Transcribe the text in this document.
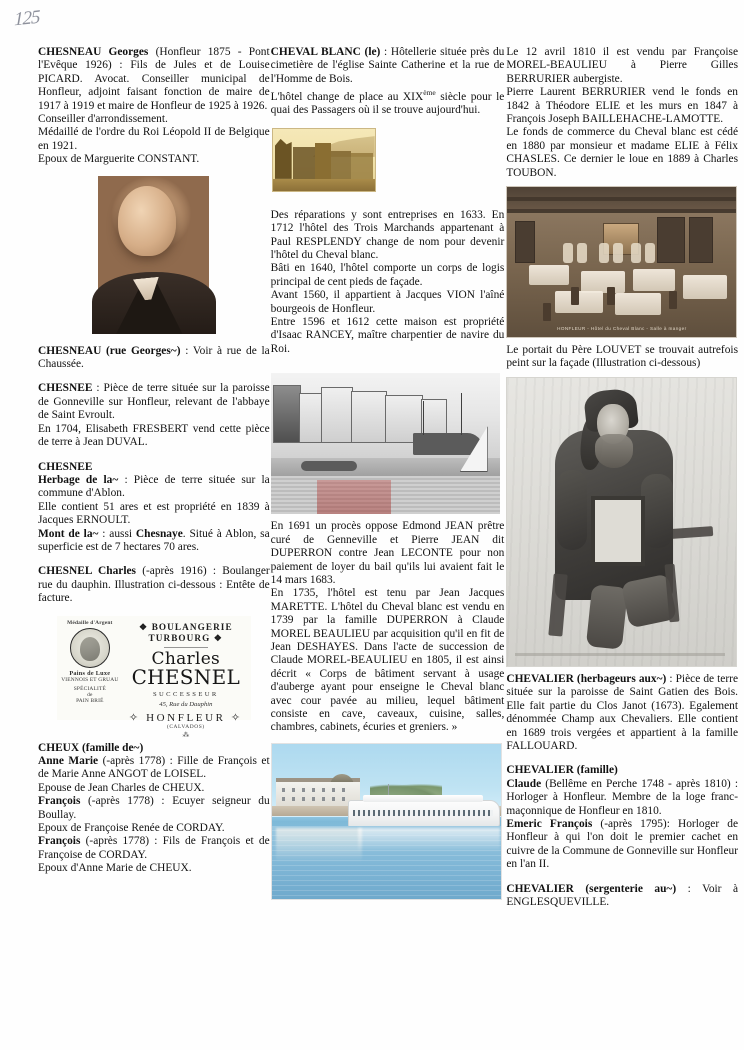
125

CHESNEAU Georges (Honfleur 1875 - Pont l'Evêque 1926) : Fils de Jules et de Louise PICARD. Avocat. Conseiller municipal de Honfleur, adjoint faisant fonction de maire de 1917 à 1919 et maire de Honfleur de 1925 à 1926.

Conseiller d'arrondissement.

Médaillé de l'ordre du Roi Léopold II de Belgique en 1921.

Epoux de Marguerite CONSTANT.

CHESNEAU (rue Georges~) : Voir à rue de la Chaussée.

CHESNEE : Pièce de terre située sur la paroisse de Gonneville sur Honfleur, relevant de l'abbaye de Saint Evroult.

En 1704, Elisabeth FRESBERT vend cette pièce de terre à Jean DUVAL.

CHESNEE

Herbage de la~ : Pièce de terre située sur la commune d'Ablon.

Elle contient 51 ares et est propriété en 1839 à Jacques ERNOULT.

Mont de la~ : aussi Chesnaye. Situé à Ablon, sa superficie est de 7 hectares 70 ares.

CHESNEL Charles (-après 1916) : Boulanger rue du dauphin. Illustration ci-dessous : Entête de facture.

Médaille d'Argent
Pains de Luxe
VIENNOIS ET GRUAU
SPÉCIALITÉ
de
PAIN BRIÉ
❖ BOULANGERIE TURBOURG ❖
Charles CHESNEL
SUCCESSEUR
45, Rue du Dauphin
✧ HONFLEUR ✧
(CALVADOS)
⁂

CHEUX (famille de~)

Anne Marie (-après 1778) : Fille de François et de Marie Anne ANGOT de LOISEL.

Epouse de Jean Charles de CHEUX.

François (-après 1778) : Ecuyer seigneur du Boullay.

Epoux de Françoise Renée de CORDAY.

François (-après 1778) : Fils de François et de Françoise de CORDAY.

Epoux d'Anne Marie de CHEUX.

CHEVAL BLANC (le) : Hôtellerie située près du cimetière de l'église Sainte Catherine et la rue de l'Homme de Bois.

L'hôtel change de place au XIXème siècle pour le quai des Passagers où il se trouve aujourd'hui.

Des réparations y sont entreprises en 1633. En 1712 l'hôtel des Trois Marchands appartenant à Paul RESPLENDY change de nom pour devenir l'hôtel du Cheval blanc.

Bâti en 1640, l'hôtel comporte un corps de logis principal de cent pieds de façade.

Avant 1560, il appartient à Jacques VION l'aîné bourgeois de Honfleur.

Entre 1596 et 1612 cette maison est propriété d'Isaac RANCEY, maître charpentier de navire du Roi.

En 1691 un procès oppose Edmond JEAN prêtre curé de Genneville et Pierre JEAN dit DUPERRON contre Jean LECONTE pour non paiement de loyer du bail qu'ils lui avaient fait le 14 mars 1683.

En 1735, l'hôtel est tenu par Jean Jacques MARETTE. L'hôtel du Cheval blanc est vendu en 1739 par la famille DUPERRON à Claude MOREL BEAULIEU par acquisition qu'il en fit de Jean DESHAYES. Dans l'acte de succession de Claude MOREL-BEAULIEU en 1805, il est ainsi décrit « Corps de bâtiment servant à usage d'auberge ayant pour enseigne le Cheval blanc avec cour pavée au milieu, lequel bâtiment consiste en cave, caveaux, cuisine, salles, chambres, cabinets, écuries et greniers. »

Le 12 avril 1810 il est vendu par Françoise MOREL-BEAULIEU à Pierre Gilles BERRURIER aubergiste.

Pierre Laurent BERRURIER vend le fonds en 1842 à Théodore ELIE et les murs en 1847 à François Joseph BAILLEHACHE-LAMOTTE.

Le fonds de commerce du Cheval blanc est cédé en 1880 par monsieur et madame ELIE à Félix CHASLES. Ce dernier le loue en 1889 à Charles TOUBON.

HONFLEUR - Hôtel du Cheval Blanc - Salle à manger

Le portait du Père LOUVET se trouvait autrefois peint sur la façade (Illustration ci-dessous)

CHEVALIER (herbageurs aux~) : Pièce de terre située sur la paroisse de Saint Gatien des Bois. Elle fait partie du Clos Janot (1673). Egalement dénommée Champ aux Chevaliers. Elle contient en 1689 trois vergées et appartient à la famille FALLOUARD.

CHEVALIER (famille)

Claude (Bellême en Perche 1748 - après 1810) : Horloger à Honfleur. Membre de la loge franc-maçonnique de Honfleur en 1810.

Emeric François (-après 1795): Horloger de Honfleur à qui l'on doit le premier cachet en cuivre de la Commune de Gonneville sur Honfleur en l'an II.

CHEVALIER (sergenterie au~) : Voir à ENGLESQUEVILLE.
